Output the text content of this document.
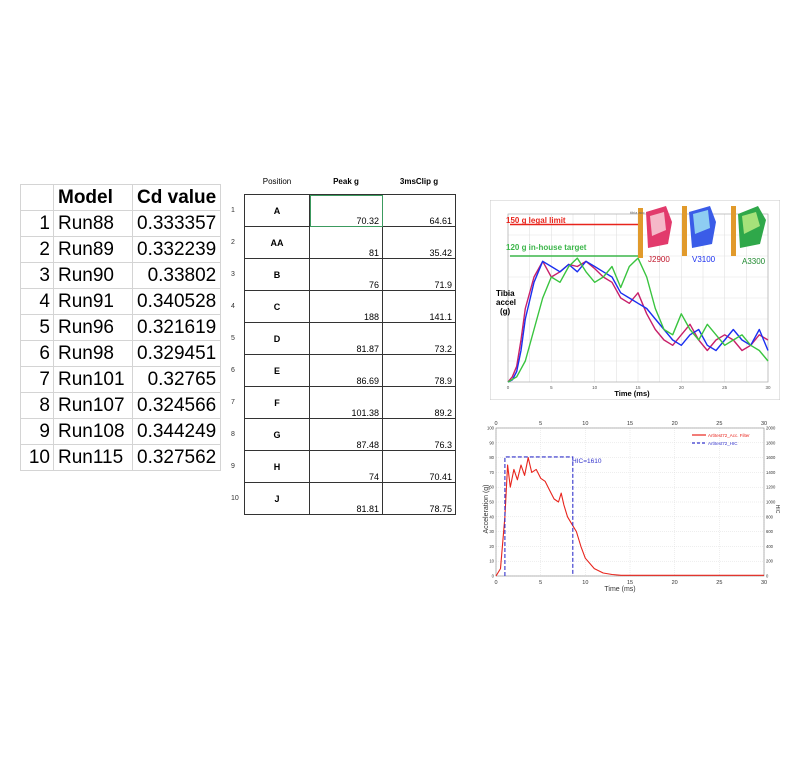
	Model	Cd value
1	Run88	0.333357
2	Run89	0.332239
3	Run90	0.33802
4	Run91	0.340528
5	Run96	0.321619
6	Run98	0.329451
7	Run101	0.32765
8	Run107	0.324566
9	Run108	0.344249
10	Run115	0.327562
	Position	Peak g	3msClip g
1	A	70.32	64.61
2	AA	81	35.42
3	B	76	71.9
4	C	188	141.1
5	D	81.87	73.2
6	E	86.69	78.9
7	F	101.38	89.2
8	G	87.48	76.3
9	H	74	70.41
10	J	81.81	78.75
0	5	10	15	20	25	30
J2900	V3100	A3300
tibia acc
150 g legal limit
120 g in-house target
Tibia accel (g)
Time (ms)
0	5	10	15	20	25	30
0	5	10	15	20	25	30
0
10
20
30
40
50
60
70
80
90
100
0
200
400
600
800
1000
1200
1400
1600
1800
2000
HIC=1610
Art\test72_Acc. Filter
Art\test72_HIC
Acceleration (g)	HIC
Time (ms)
